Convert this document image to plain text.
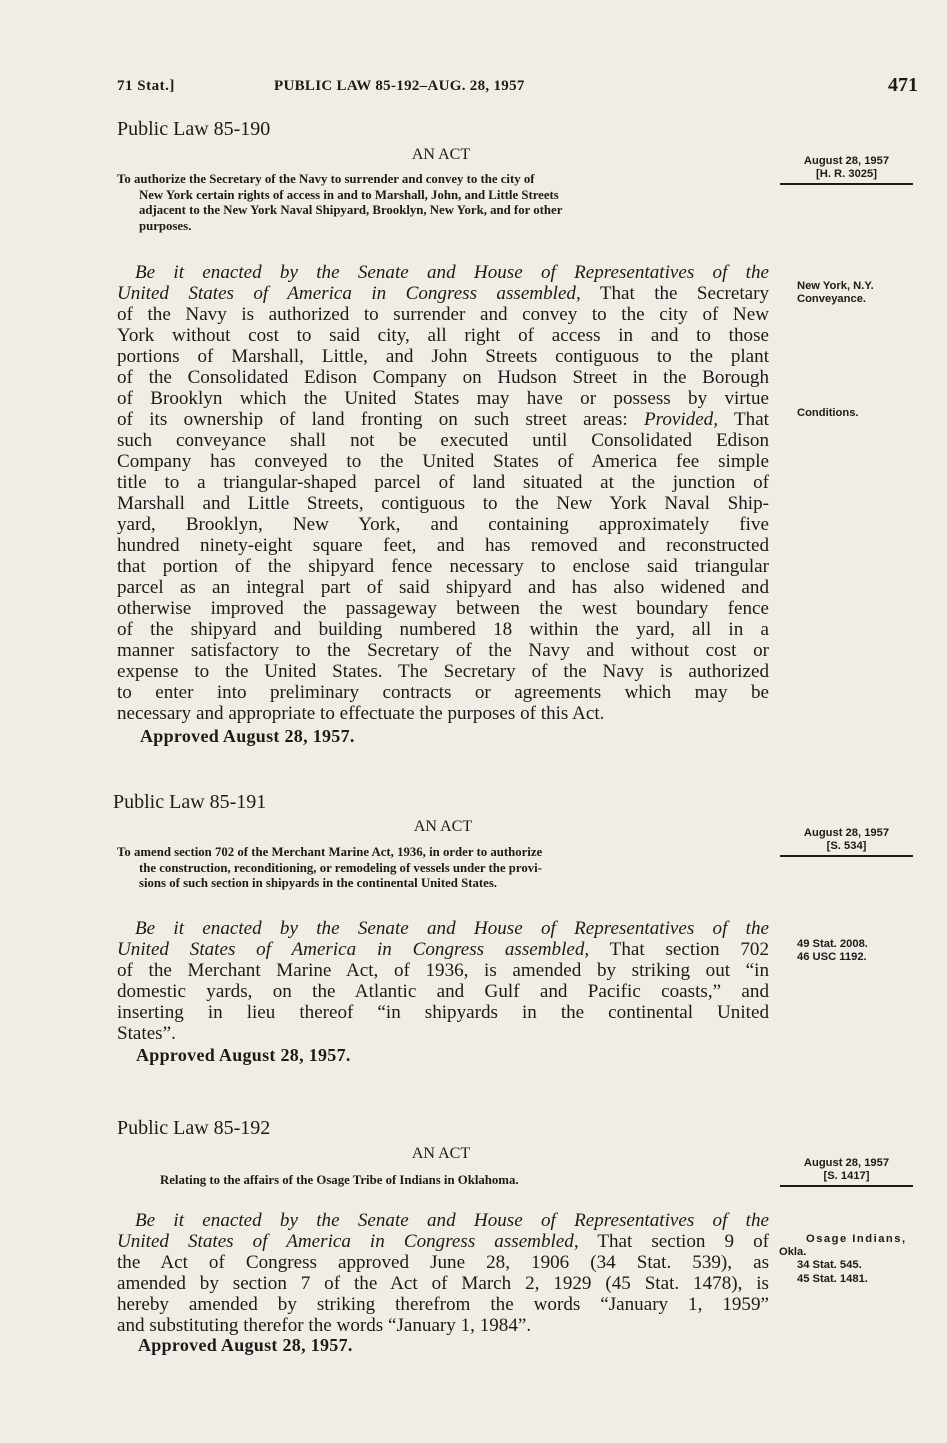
71 Stat.]	PUBLIC LAW 85-192–AUG. 28, 1957	471
Public Law 85-190
AN ACT
To authorize the Secretary of the Navy to surrender and convey to the city of
New York certain rights of access in and to Marshall, John, and Little Streets
adjacent to the New York Naval Shipyard, Brooklyn, New York, and for other
purposes.
Be it enacted by the Senate and House of Representatives of the
United States of America in Congress assembled, That the Secretary
of the Navy is authorized to surrender and convey to the city of New
York without cost to said city, all right of access in and to those
portions of Marshall, Little, and John Streets contiguous to the plant
of the Consolidated Edison Company on Hudson Street in the Borough
of Brooklyn which the United States may have or possess by virtue
of its ownership of land fronting on such street areas: Provided, That
such conveyance shall not be executed until Consolidated Edison
Company has conveyed to the United States of America fee simple
title to a triangular-shaped parcel of land situated at the junction of
Marshall and Little Streets, contiguous to the New York Naval Ship-
yard, Brooklyn, New York, and containing approximately five
hundred ninety-eight square feet, and has removed and reconstructed
that portion of the shipyard fence necessary to enclose said triangular
parcel as an integral part of said shipyard and has also widened and
otherwise improved the passageway between the west boundary fence
of the shipyard and building numbered 18 within the yard, all in a
manner satisfactory to the Secretary of the Navy and without cost or
expense to the United States. The Secretary of the Navy is authorized
to enter into preliminary contracts or agreements which may be
necessary and appropriate to effectuate the purposes of this Act.
Approved August 28, 1957.
August 28, 1957
[H. R. 3025]
New York, N.Y. Conveyance.
Conditions.
Public Law 85-191
AN ACT
To amend section 702 of the Merchant Marine Act, 1936, in order to authorize
the construction, reconditioning, or remodeling of vessels under the provi-
sions of such section in shipyards in the continental United States.
Be it enacted by the Senate and House of Representatives of the
United States of America in Congress assembled, That section 702
of the Merchant Marine Act, of 1936, is amended by striking out “in
domestic yards, on the Atlantic and Gulf and Pacific coasts,” and
inserting in lieu thereof “in shipyards in the continental United
States”.
Approved August 28, 1957.
August 28, 1957
[S. 534]
49 Stat. 2008.
46 USC 1192.
Public Law 85-192
AN ACT
Relating to the affairs of the Osage Tribe of Indians in Oklahoma.
Be it enacted by the Senate and House of Representatives of the
United States of America in Congress assembled, That section 9 of
the Act of Congress approved June 28, 1906 (34 Stat. 539), as
amended by section 7 of the Act of March 2, 1929 (45 Stat. 1478), is
hereby amended by striking therefrom the words “January 1, 1959”
and substituting therefor the words “January 1, 1984”.
Approved August 28, 1957.
August 28, 1957
[S. 1417]
Osage Indians,
Okla.
34 Stat. 545.
45 Stat. 1481.
